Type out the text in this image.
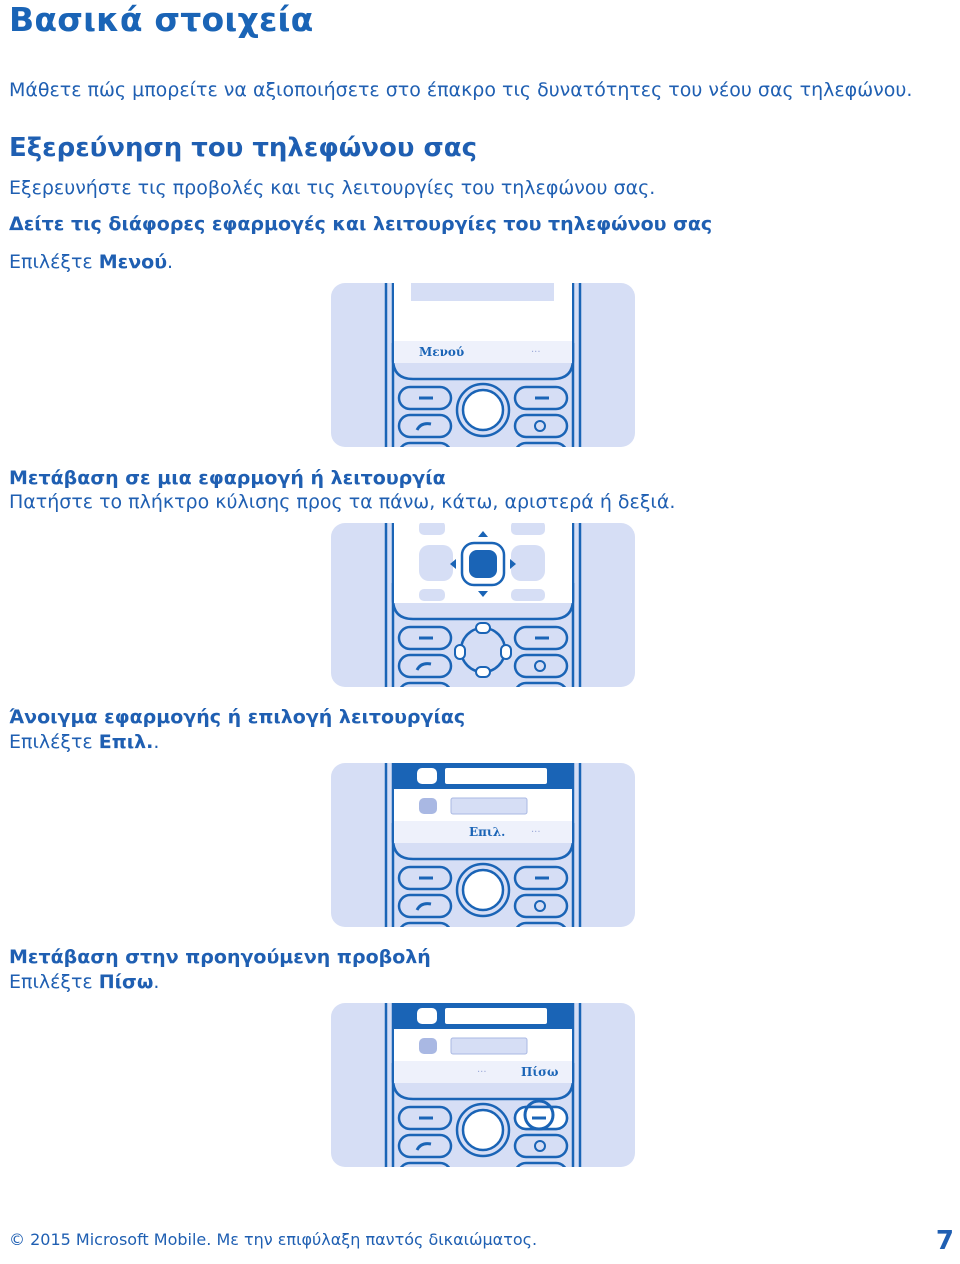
Βασικά στοιχεία
Μάθετε πώς μπορείτε να αξιοποιήσετε στο έπακρο τις δυνατότητες του νέου σας τηλεφώνου.
Εξερεύνηση του τηλεφώνου σας
Εξερευνήστε τις προβολές και τις λειτουργίες του τηλεφώνου σας.
Δείτε τις διάφορες εφαρμογές και λειτουργίες του τηλεφώνου σας
Επιλέξτε Μενού.
Μενού	···
Μετάβαση σε μια εφαρμογή ή λειτουργία
Πατήστε το πλήκτρο κύλισης προς τα πάνω, κάτω, αριστερά ή δεξιά.
Άνοιγμα εφαρμογής ή επιλογή λειτουργίας
Επιλέξτε Επιλ..
Επιλ.	···
Μετάβαση στην προηγούμενη προβολή
Επιλέξτε Πίσω.
···	Πίσω
© 2015 Microsoft Mobile. Με την επιφύλαξη παντός δικαιώματος.	7
